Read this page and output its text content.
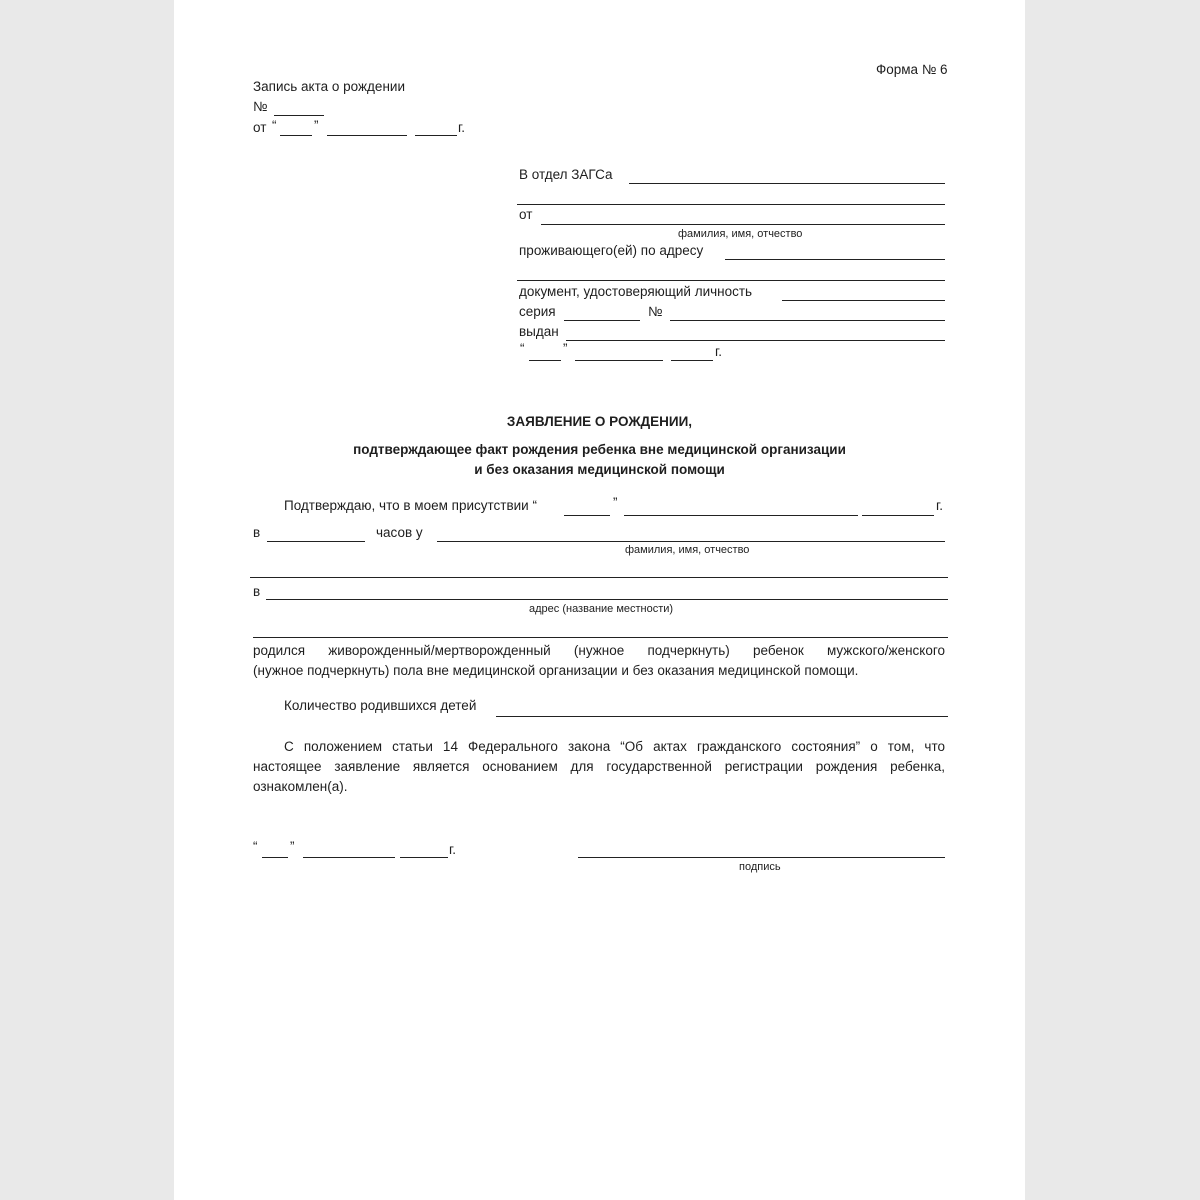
Форма № 6
Запись акта о рождении
№
от “	”	г.
В отдел ЗАГСа
от
фамилия, имя, отчество
проживающего(ей) по адресу
документ, удостоверяющий личность
серия	№
выдан
“	”	г.
ЗАЯВЛЕНИЕ О РОЖДЕНИИ,
подтверждающее факт рождения ребенка вне медицинской организации
и без оказания медицинской помощи
Подтверждаю, что в моем присутствии “	”	г.
в	часов у
фамилия, имя, отчество
в
адрес (название местности)
родился живорожденный/мертворожденный (нужное подчеркнуть) ребенок мужского/женского
(нужное подчеркнуть) пола вне медицинской организации и без оказания медицинской помощи.
Количество родившихся детей
С положением статьи 14 Федерального закона “Об актах гражданского состояния” о том, что
настоящее заявление является основанием для государственной регистрации рождения ребенка,
ознакомлен(а).
“ ”	г.
подпись
